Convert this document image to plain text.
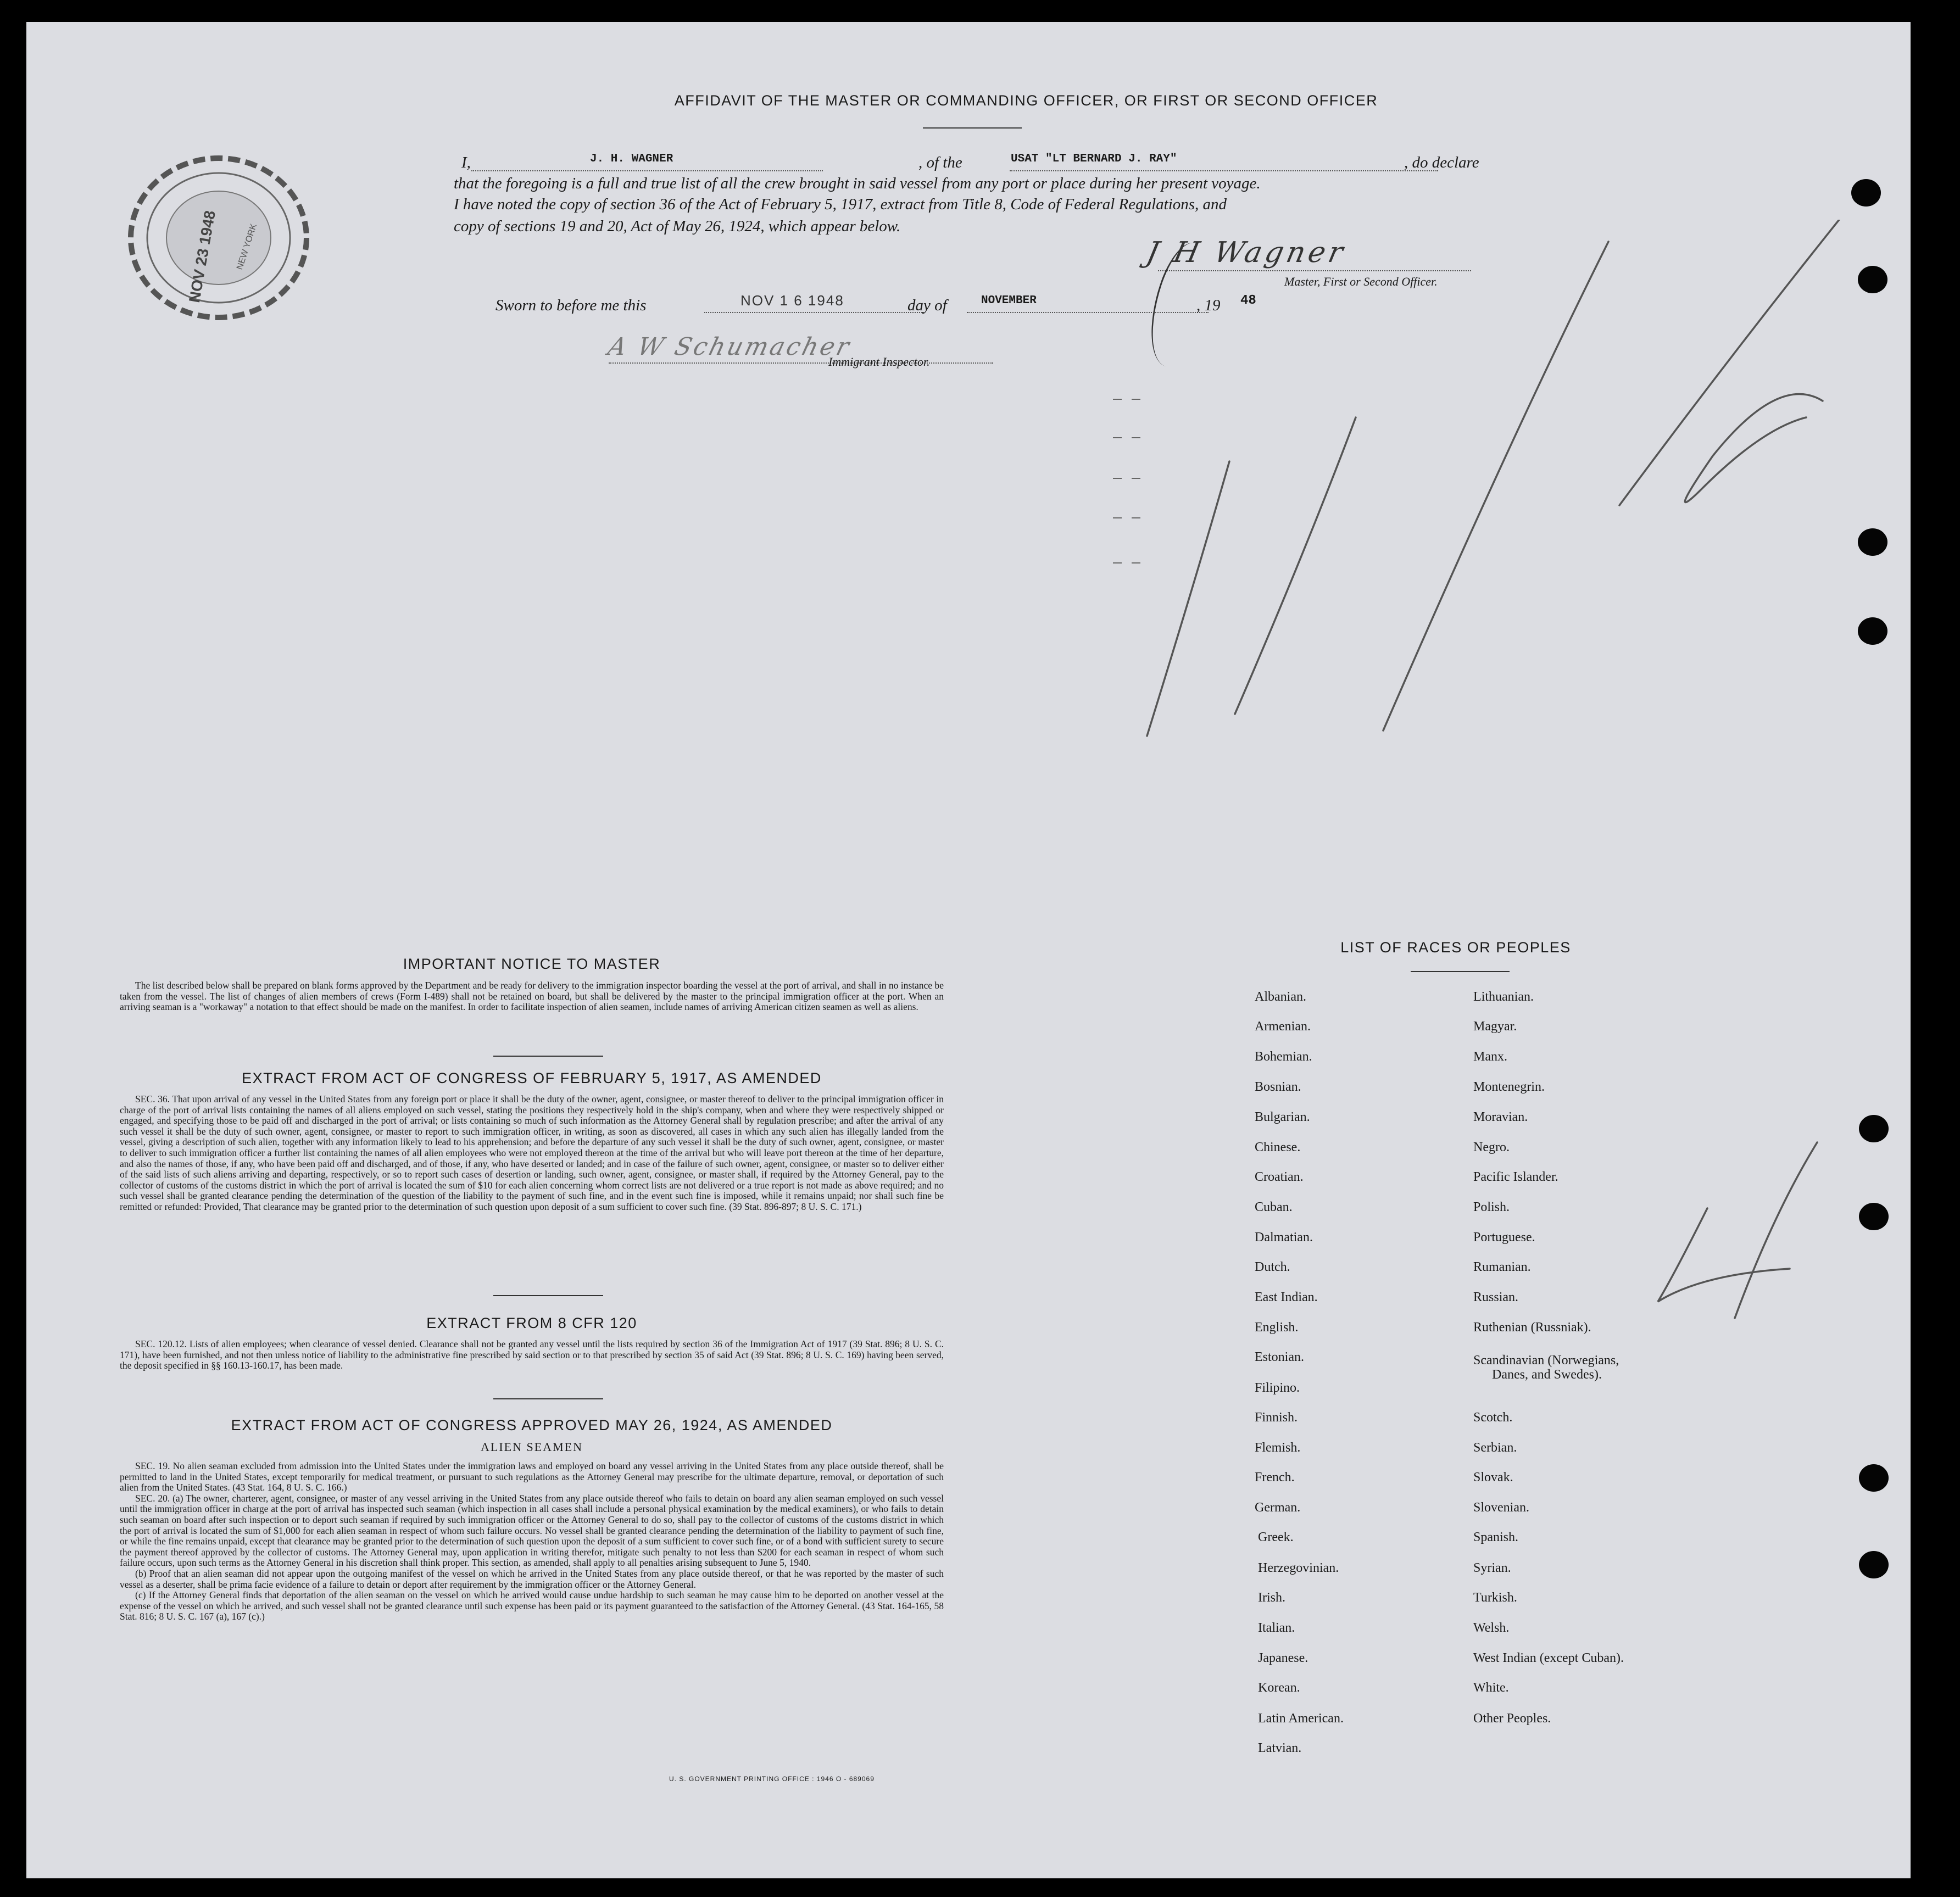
AFFIDAVIT OF THE MASTER OR COMMANDING OFFICER, OR FIRST OR SECOND OFFICER
I,	J. H. WAGNER	, of the	USAT "LT BERNARD J. RAY"	, do declare
that the foregoing is a full and true list of all the crew brought in said vessel from any port or place during her present voyage.
I have noted the copy of section 36 of the Act of February 5, 1917, extract from Title 8, Code of Federal Regulations, and
copy of sections 19 and 20, Act of May 26, 1924, which appear below.
J H Wagner
Master, First or Second Officer.
Sworn to before me this	NOV 1 6 1948	day of	NOVEMBER	, 19 48
A W Schumacher
Immigrant Inspector.
NOV 23 1948 NEW YORK
IMPORTANT NOTICE TO MASTER

The list described below shall be prepared on blank forms approved by the Department and be ready for delivery to the immigration inspector boarding the vessel at the port of arrival, and shall in no instance be taken from the vessel. The list of changes of alien members of crews (Form I-489) shall not be retained on board, but shall be delivered by the master to the principal immigration officer at the port. When an arriving seaman is a "workaway" a notation to that effect should be made on the manifest. In order to facilitate inspection of alien seamen, include names of arriving American citizen seamen as well as aliens.

EXTRACT FROM ACT OF CONGRESS OF FEBRUARY 5, 1917, AS AMENDED

SEC. 36. That upon arrival of any vessel in the United States from any foreign port or place it shall be the duty of the owner, agent, consignee, or master thereof to deliver to the principal immigration officer in charge of the port of arrival lists containing the names of all aliens employed on such vessel, stating the positions they respectively hold in the ship's company, when and where they were respectively shipped or engaged, and specifying those to be paid off and discharged in the port of arrival; or lists containing so much of such information as the Attorney General shall by regulation prescribe; and after the arrival of any such vessel it shall be the duty of such owner, agent, consignee, or master to report to such immigration officer, in writing, as soon as discovered, all cases in which any such alien has illegally landed from the vessel, giving a description of such alien, together with any information likely to lead to his apprehension; and before the departure of any such vessel it shall be the duty of such owner, agent, consignee, or master to deliver to such immigration officer a further list containing the names of all alien employees who were not employed thereon at the time of the arrival but who will leave port thereon at the time of her departure, and also the names of those, if any, who have been paid off and discharged, and of those, if any, who have deserted or landed; and in case of the failure of such owner, agent, consignee, or master so to deliver either of the said lists of such aliens arriving and departing, respectively, or so to report such cases of desertion or landing, such owner, agent, consignee, or master shall, if required by the Attorney General, pay to the collector of customs of the customs district in which the port of arrival is located the sum of $10 for each alien concerning whom correct lists are not delivered or a true report is not made as above required; and no such vessel shall be granted clearance pending the determination of the question of the liability to the payment of such fine, and in the event such fine is imposed, while it remains unpaid; nor shall such fine be remitted or refunded: Provided, That clearance may be granted prior to the determination of such question upon deposit of a sum sufficient to cover such fine. (39 Stat. 896-897; 8 U. S. C. 171.)

EXTRACT FROM 8 CFR 120

SEC. 120.12. Lists of alien employees; when clearance of vessel denied. Clearance shall not be granted any vessel until the lists required by section 36 of the Immigration Act of 1917 (39 Stat. 896; 8 U. S. C. 171), have been furnished, and not then unless notice of liability to the administrative fine prescribed by said section or to that prescribed by section 35 of said Act (39 Stat. 896; 8 U. S. C. 169) having been served, the deposit specified in §§ 160.13-160.17, has been made.

EXTRACT FROM ACT OF CONGRESS APPROVED MAY 26, 1924, AS AMENDED
ALIEN SEAMEN

SEC. 19. No alien seaman excluded from admission into the United States under the immigration laws and employed on board any vessel arriving in the United States from any place outside thereof, shall be permitted to land in the United States, except temporarily for medical treatment, or pursuant to such regulations as the Attorney General may prescribe for the ultimate departure, removal, or deportation of such alien from the United States. (43 Stat. 164, 8 U. S. C. 166.)

SEC. 20. (a) The owner, charterer, agent, consignee, or master of any vessel arriving in the United States from any place outside thereof who fails to detain on board any alien seaman employed on such vessel until the immigration officer in charge at the port of arrival has inspected such seaman (which inspection in all cases shall include a personal physical examination by the medical examiners), or who fails to detain such seaman on board after such inspection or to deport such seaman if required by such immigration officer or the Attorney General to do so, shall pay to the collector of customs of the customs district in which the port of arrival is located the sum of $1,000 for each alien seaman in respect of whom such failure occurs. No vessel shall be granted clearance pending the determination of the liability to payment of such fine, or while the fine remains unpaid, except that clearance may be granted prior to the determination of such question upon the deposit of a sum sufficient to cover such fine, or of a bond with sufficient surety to secure the payment thereof approved by the collector of customs. The Attorney General may, upon application in writing therefor, mitigate such penalty to not less than $200 for each seaman in respect of whom such failure occurs, upon such terms as the Attorney General in his discretion shall think proper. This section, as amended, shall apply to all penalties arising subsequent to June 5, 1940.

(b) Proof that an alien seaman did not appear upon the outgoing manifest of the vessel on which he arrived in the United States from any place outside thereof, or that he was reported by the master of such vessel as a deserter, shall be prima facie evidence of a failure to detain or deport after requirement by the immigration officer or the Attorney General.

(c) If the Attorney General finds that deportation of the alien seaman on the vessel on which he arrived would cause undue hardship to such seaman he may cause him to be deported on another vessel at the expense of the vessel on which he arrived, and such vessel shall not be granted clearance until such expense has been paid or its payment guaranteed to the satisfaction of the Attorney General. (43 Stat. 164-165, 58 Stat. 816; 8 U. S. C. 167 (a), 167 (c).)

U. S. GOVERNMENT PRINTING OFFICE : 1946 O - 689069
LIST OF RACES OR PEOPLES
Albanian.
Armenian.
Bohemian.
Bosnian.
Bulgarian.
Chinese.
Croatian.
Cuban.
Dalmatian.
Dutch.
East Indian.
English.
Estonian.
Filipino.
Finnish.
Flemish.
French.
German.
Greek.
Herzegovinian.
Irish.
Italian.
Japanese.
Korean.
Latin American.
Latvian.
Lithuanian.
Magyar.
Manx.
Montenegrin.
Moravian.
Negro.
Pacific Islander.
Polish.
Portuguese.
Rumanian.
Russian.
Ruthenian (Russniak).
Scandinavian (Norwegians,
Danes, and Swedes).
Scotch.
Serbian.
Slovak.
Slovenian.
Spanish.
Syrian.
Turkish.
Welsh.
West Indian (except Cuban).
White.
Other Peoples.
